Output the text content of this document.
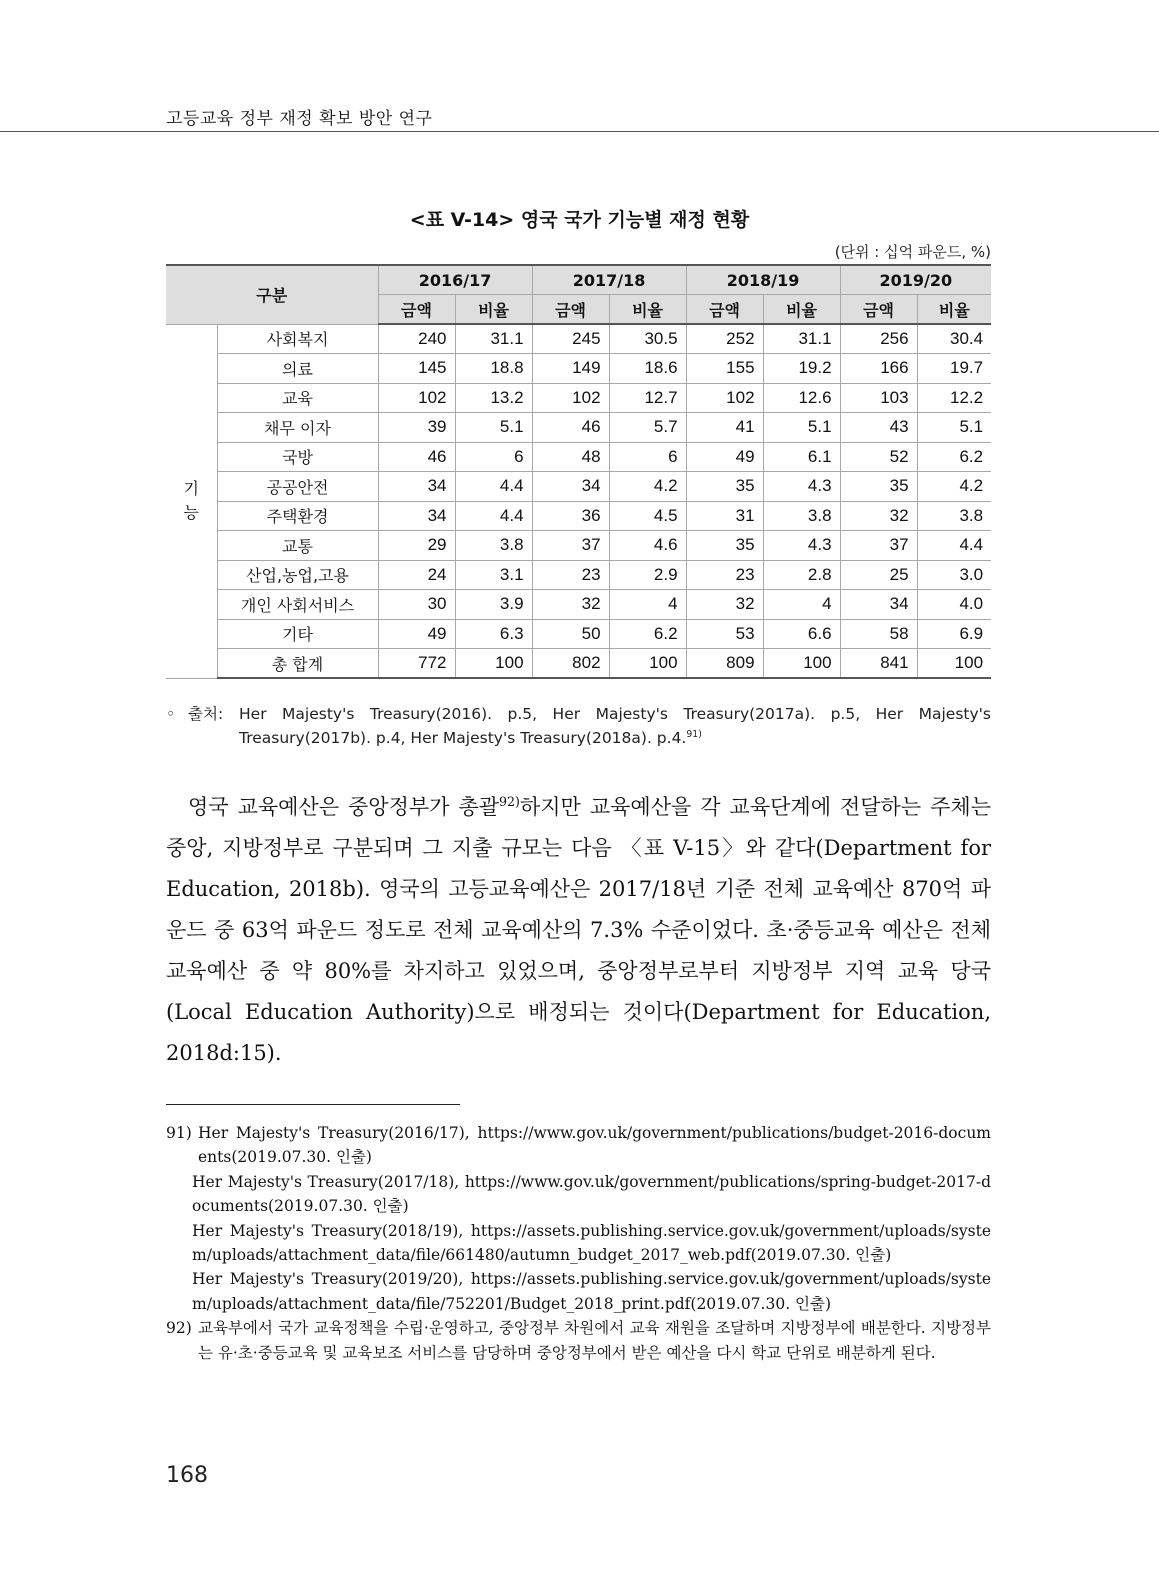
고등교육 정부 재정 확보 방안 연구
<표 V-14> 영국 국가 기능별 재정 현황
(단위 : 십억 파운드, %)
구분		2016/17		2017/18		2018/19		2019/20	
		금액	비율	금액	비율	금액	비율	금액	비율
기능	사회복지	240	31.1	245	30.5	252	31.1	256	30.4
	의료	145	18.8	149	18.6	155	19.2	166	19.7
	교육	102	13.2	102	12.7	102	12.6	103	12.2
	채무 이자	39	5.1	46	5.7	41	5.1	43	5.1
	국방	46	6	48	6	49	6.1	52	6.2
	공공안전	34	4.4	34	4.2	35	4.3	35	4.2
	주택환경	34	4.4	36	4.5	31	3.8	32	3.8
	교통	29	3.8	37	4.6	35	4.3	37	4.4
	산업,농업,고용	24	3.1	23	2.9	23	2.8	25	3.0
	개인 사회서비스	30	3.9	32	4	32	4	34	4.0
	기타	49	6.3	50	6.2	53	6.6	58	6.9
	총 합계	772	100	802	100	809	100	841	100
◦ 출처: Her Majesty's Treasury(2016). p.5, Her Majesty's Treasury(2017a). p.5, Her Majesty's Treasury(2017b). p.4, Her Majesty's Treasury(2018a). p.4.$^{91)}$

영국 교육예산은 중앙정부가 총괄$^{92)}$하지만 교육예산을 각 교육단계에 전달하는 주체는 중앙, 지방정부로 구분되며 그 지출 규모는 다음 〈표 V-15〉와 같다(Department for Education, 2018b). 영국의 고등교육예산은 2017/18년 기준 전체 교육예산 870억 파운드 중 63억 파운드 정도로 전체 교육예산의 7.3% 수준이었다. 초·중등교육 예산은 전체 교육예산 중 약 80%를 차지하고 있었으며, 중앙정부로부터 지방정부 지역 교육 당국(Local Education Authority)으로 배정되는 것이다(Department for Education, 2018d:15).

91) Her Majesty's Treasury(2016/17), https://www.gov.uk/government/publications/budget-2016-documents(2019.07.30. 인출)
Her Majesty's Treasury(2017/18), https://www.gov.uk/government/publications/spring-budget-2017-documents(2019.07.30. 인출)
Her Majesty's Treasury(2018/19), https://assets.publishing.service.gov.uk/government/uploads/system/uploads/attachment_data/file/661480/autumn_budget_2017_web.pdf(2019.07.30. 인출)
Her Majesty's Treasury(2019/20), https://assets.publishing.service.gov.uk/government/uploads/system/uploads/attachment_data/file/752201/Budget_2018_print.pdf(2019.07.30. 인출)
92) 교육부에서 국가 교육정책을 수립·운영하고, 중앙정부 차원에서 교육 재원을 조달하며 지방정부에 배분한다. 지방정부는 유·초·중등교육 및 교육보조 서비스를 담당하며 중앙정부에서 받은 예산을 다시 학교 단위로 배분하게 된다.
168
